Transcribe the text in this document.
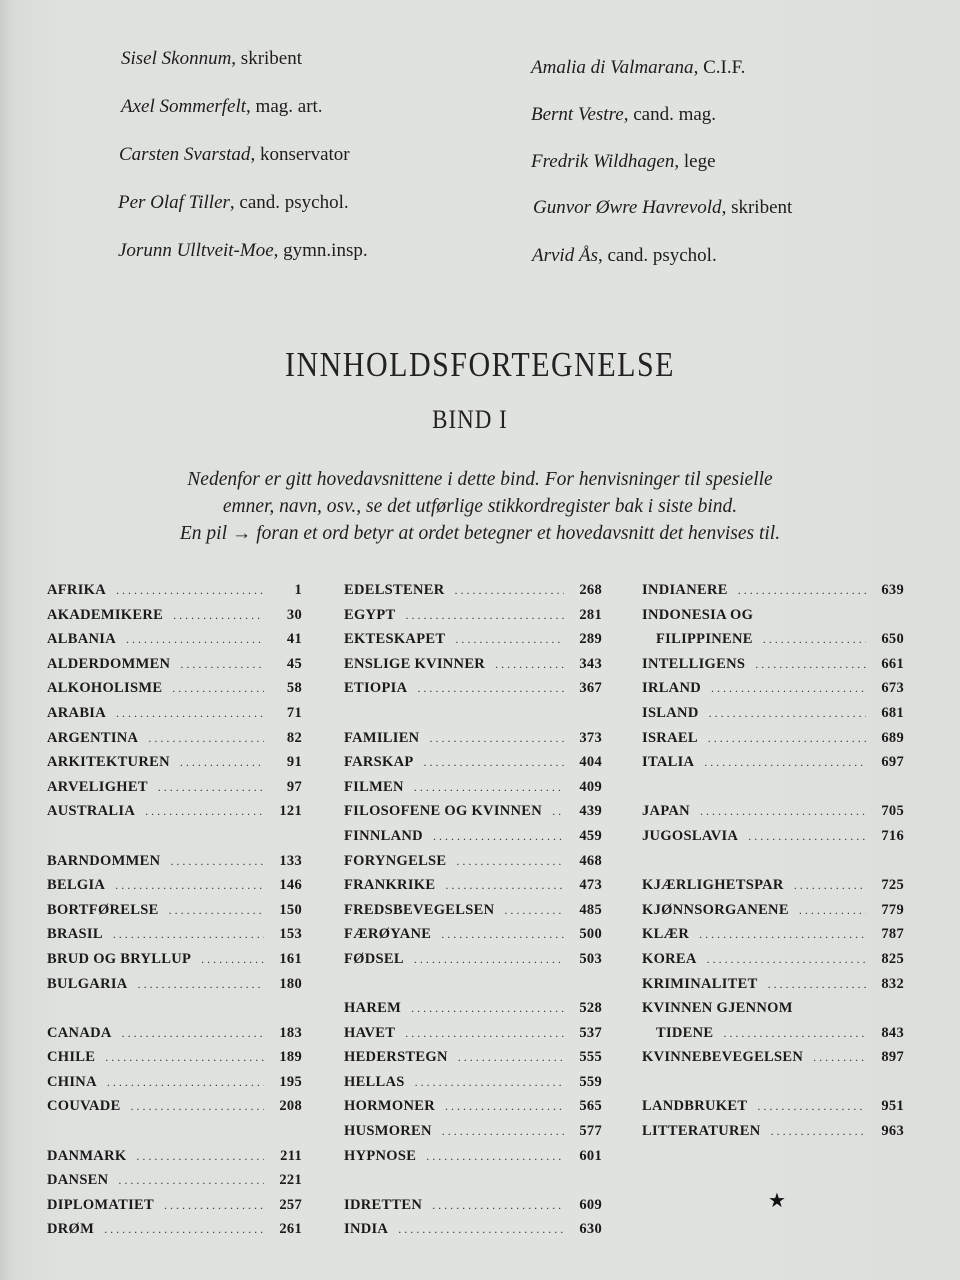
Sisel Skonnum, skribent
Axel Sommerfelt, mag. art.
Carsten Svarstad, konservator
Per Olaf Tiller, cand. psychol.
Jorunn Ulltveit-Moe, gymn.insp.
Amalia di Valmarana, C.I.F.
Bernt Vestre, cand. mag.
Fredrik Wildhagen, lege
Gunvor Øwre Havrevold, skribent
Arvid Ås, cand. psychol.
INNHOLDSFORTEGNELSE
BIND I
Nedenfor er gitt hovedavsnittene i dette bind. For henvisninger til spesielle
emner, navn, osv., se det utførlige stikkordregister bak i siste bind.
En pil → foran et ord betyr at ordet betegner et hovedavsnitt det henvises til.
AFRIKA . . .	1
AKADEMIKERE . . .	30
ALBANIA . . .	41
ALDERDOMMEN . . .	45
ALKOHOLISME . . .	58
ARABIA . . .	71
ARGENTINA . . .	82
ARKITEKTUREN . . .	91
ARVELIGHET . . .	97
AUSTRALIA . . .	121
BARNDOMMEN . . .	133
BELGIA . . .	146
BORTFØRELSE . . .	150
BRASIL . . .	153
BRUD OG BRYLLUP . . .	161
BULGARIA . . .	180
CANADA . . .	183
CHILE . . .	189
CHINA . . .	195
COUVADE . . .	208
DANMARK . . .	211
DANSEN . . .	221
DIPLOMATIET . . .	257
DRØM . . .	261
EDELSTENER . . .	268
EGYPT . . .	281
EKTESKAPET . . .	289
ENSLIGE KVINNER . . .	343
ETIOPIA . . .	367
FAMILIEN . . .	373
FARSKAP . . .	404
FILMEN . . .	409
FILOSOFENE OG KVINNEN . . .	439
FINNLAND . . .	459
FORYNGELSE . . .	468
FRANKRIKE . . .	473
FREDSBEVEGELSEN . . .	485
FÆRØYANE . . .	500
FØDSEL . . .	503
HAREM . . .	528
HAVET . . .	537
HEDERSTEGN . . .	555
HELLAS . . .	559
HORMONER . . .	565
HUSMOREN . . .	577
HYPNOSE . . .	601
IDRETTEN . . .	609
INDIA . . .	630
INDIANERE . . .	639
INDONESIA OG
FILIPPINENE . . .	650
INTELLIGENS . . .	661
IRLAND . . .	673
ISLAND . . .	681
ISRAEL . . .	689
ITALIA . . .	697
JAPAN . . .	705
JUGOSLAVIA . . .	716
KJÆRLIGHETSPAR . . .	725
KJØNNSORGANENE . . .	779
KLÆR . . .	787
KOREA . . .	825
KRIMINALITET . . .	832
KVINNEN GJENNOM
TIDENE . . .	843
KVINNEBEVEGELSEN . . .	897
LANDBRUKET . . .	951
LITTERATUREN . . .	963
★
